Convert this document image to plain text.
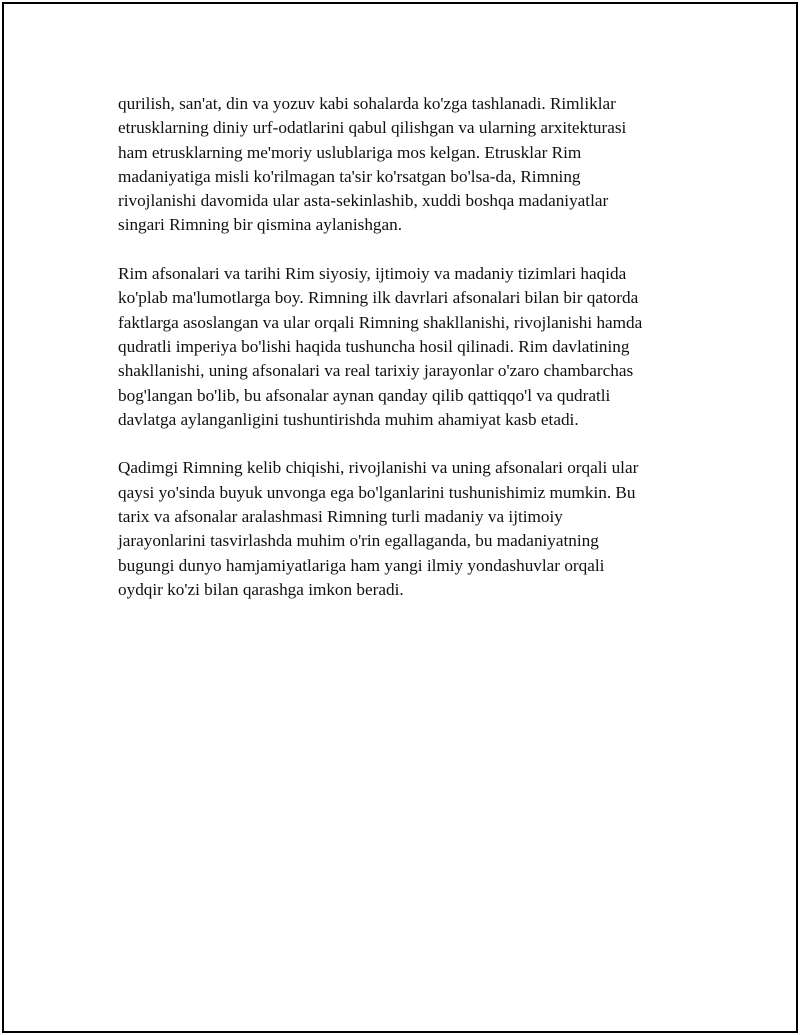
qurilish, san'at, din va yozuv kabi sohalarda ko'zga tashlanadi. Rimliklar
etrusklarning diniy urf-odatlarini qabul qilishgan va ularning arxitekturasi
ham etrusklarning me'moriy uslublariga mos kelgan. Etrusklar Rim
madaniyatiga misli ko'rilmagan ta'sir ko'rsatgan bo'lsa-da, Rimning
rivojlanishi davomida ular asta-sekinlashib, xuddi boshqa madaniyatlar
singari Rimning bir qismina aylanishgan.

Rim afsonalari va tarihi Rim siyosiy, ijtimoiy va madaniy tizimlari haqida
ko'plab ma'lumotlarga boy. Rimning ilk davrlari afsonalari bilan bir qatorda
faktlarga asoslangan va ular orqali Rimning shakllanishi, rivojlanishi hamda
qudratli imperiya bo'lishi haqida tushuncha hosil qilinadi. Rim davlatining
shakllanishi, uning afsonalari va real tarixiy jarayonlar o'zaro chambarchas
bog'langan bo'lib, bu afsonalar aynan qanday qilib qattiqqo'l va qudratli
davlatga aylanganligini tushuntirishda muhim ahamiyat kasb etadi.

Qadimgi Rimning kelib chiqishi, rivojlanishi va uning afsonalari orqali ular
qaysi yo'sinda buyuk unvonga ega bo'lganlarini tushunishimiz mumkin. Bu
tarix va afsonalar aralashmasi Rimning turli madaniy va ijtimoiy
jarayonlarini tasvirlashda muhim o'rin egallaganda, bu madaniyatning
bugungi dunyo hamjamiyatlariga ham yangi ilmiy yondashuvlar orqali
oydqir ko'zi bilan qarashga imkon beradi.
